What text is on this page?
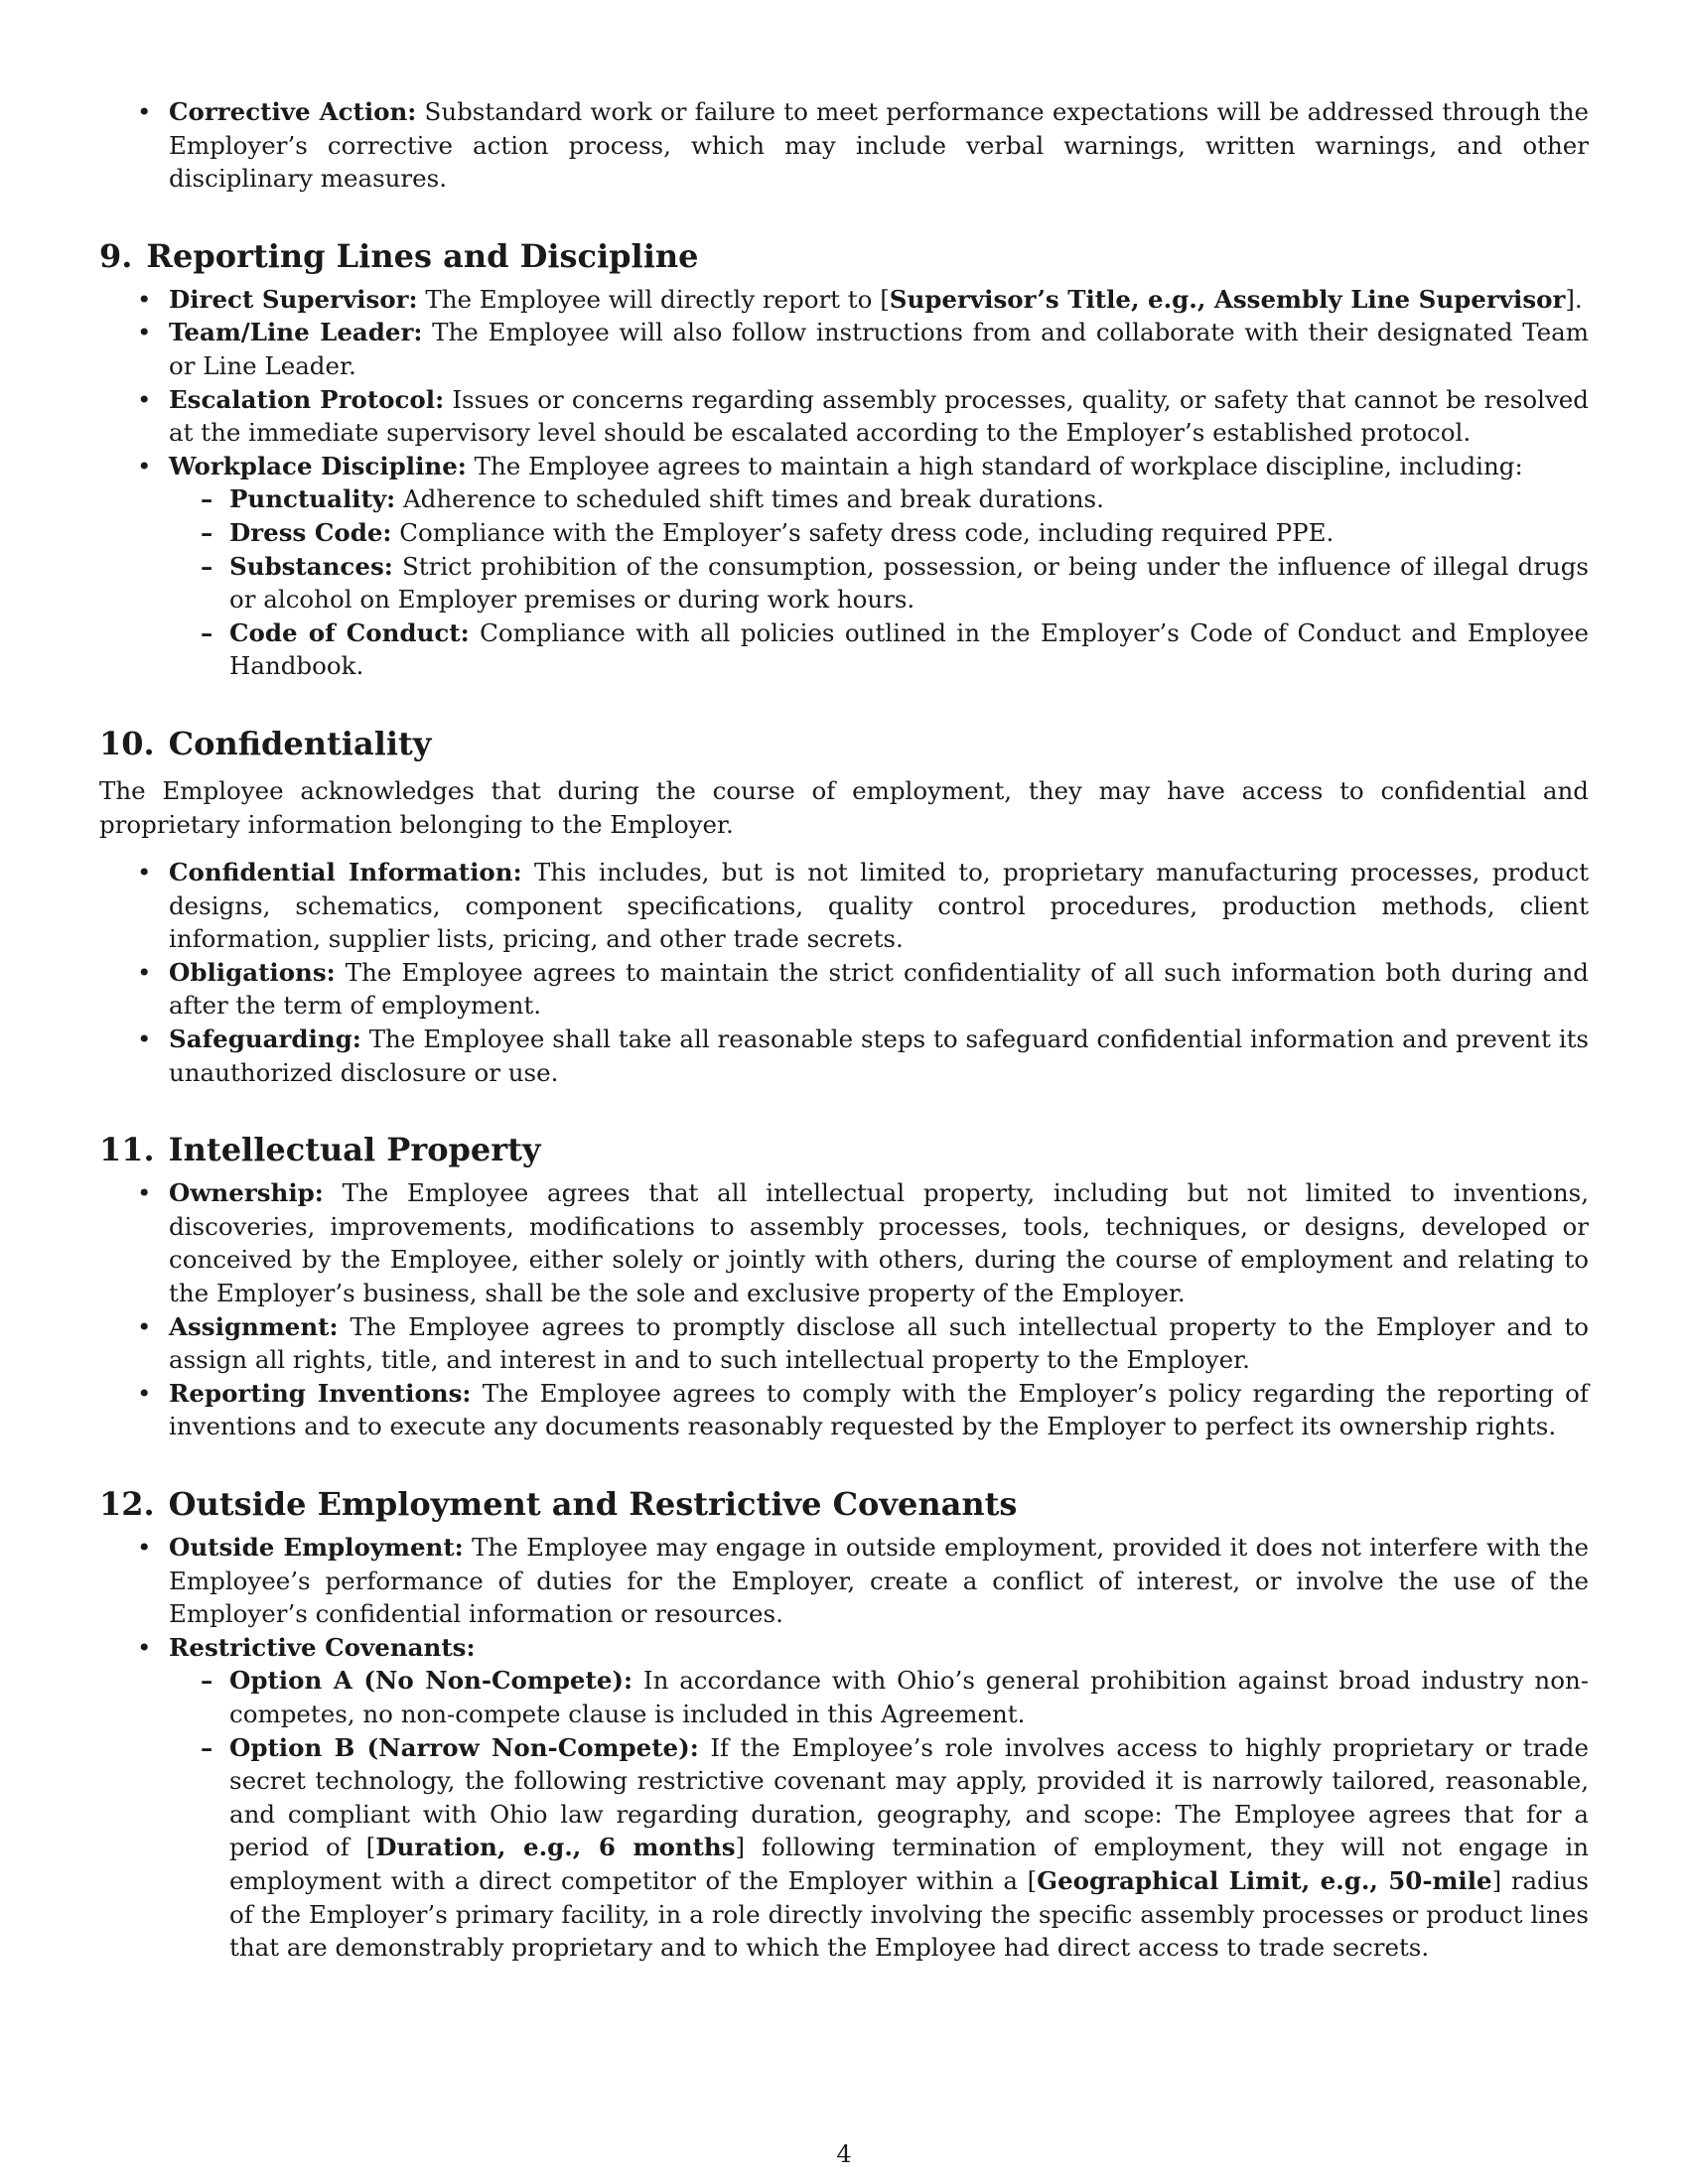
• Corrective Action: Substandard work or failure to meet performance expectations will be addressed through the Employer’s corrective action process, which may include verbal warnings, written warnings, and other disciplinary measures.
9. Reporting Lines and Discipline
• Direct Supervisor: The Employee will directly report to [Supervisor’s Title, e.g., Assembly Line Supervisor].
• Team/Line Leader: The Employee will also follow instructions from and collaborate with their designated Team or Line Leader.
• Escalation Protocol: Issues or concerns regarding assembly processes, quality, or safety that cannot be resolved at the immediate supervisory level should be escalated according to the Employer’s established protocol.
• Workplace Discipline: The Employee agrees to maintain a high standard of workplace discipline, including:
– Punctuality: Adherence to scheduled shift times and break durations.
– Dress Code: Compliance with the Employer’s safety dress code, including required PPE.
– Substances: Strict prohibition of the consumption, possession, or being under the influence of illegal drugs or alcohol on Employer premises or during work hours.
– Code of Conduct: Compliance with all policies outlined in the Employer’s Code of Conduct and Employee Handbook.
10. Confidentiality

The Employee acknowledges that during the course of employment, they may have access to confidential and proprietary information belonging to the Employer.

• Confidential Information: This includes, but is not limited to, proprietary manufacturing processes, product designs, schematics, component specifications, quality control procedures, production methods, client information, supplier lists, pricing, and other trade secrets.
• Obligations: The Employee agrees to maintain the strict confidentiality of all such information both during and after the term of employment.
• Safeguarding: The Employee shall take all reasonable steps to safeguard confidential information and prevent its unauthorized disclosure or use.
11. Intellectual Property
• Ownership: The Employee agrees that all intellectual property, including but not limited to inventions, discoveries, improvements, modifications to assembly processes, tools, techniques, or designs, developed or conceived by the Employee, either solely or jointly with others, during the course of employment and relating to the Employer’s business, shall be the sole and exclusive property of the Employer.
• Assignment: The Employee agrees to promptly disclose all such intellectual property to the Employer and to assign all rights, title, and interest in and to such intellectual property to the Employer.
• Reporting Inventions: The Employee agrees to comply with the Employer’s policy regarding the reporting of inventions and to execute any documents reasonably requested by the Employer to perfect its ownership rights.
12. Outside Employment and Restrictive Covenants
• Outside Employment: The Employee may engage in outside employment, provided it does not interfere with the Employee’s performance of duties for the Employer, create a conflict of interest, or involve the use of the Employer’s confidential information or resources.
• Restrictive Covenants:
– Option A (No Non-Compete): In accordance with Ohio’s general prohibition against broad industry non-competes, no non-compete clause is included in this Agreement.
– Option B (Narrow Non-Compete): If the Employee’s role involves access to highly proprietary or trade secret technology, the following restrictive covenant may apply, provided it is narrowly tailored, reasonable, and compliant with Ohio law regarding duration, geography, and scope: The Employee agrees that for a period of [Duration, e.g., 6 months] following termination of employment, they will not engage in employment with a direct competitor of the Employer within a [Geographical Limit, e.g., 50-mile] radius of the Employer’s primary facility, in a role directly involving the specific assembly processes or product lines that are demonstrably proprietary and to which the Employee had direct access to trade secrets.
4
